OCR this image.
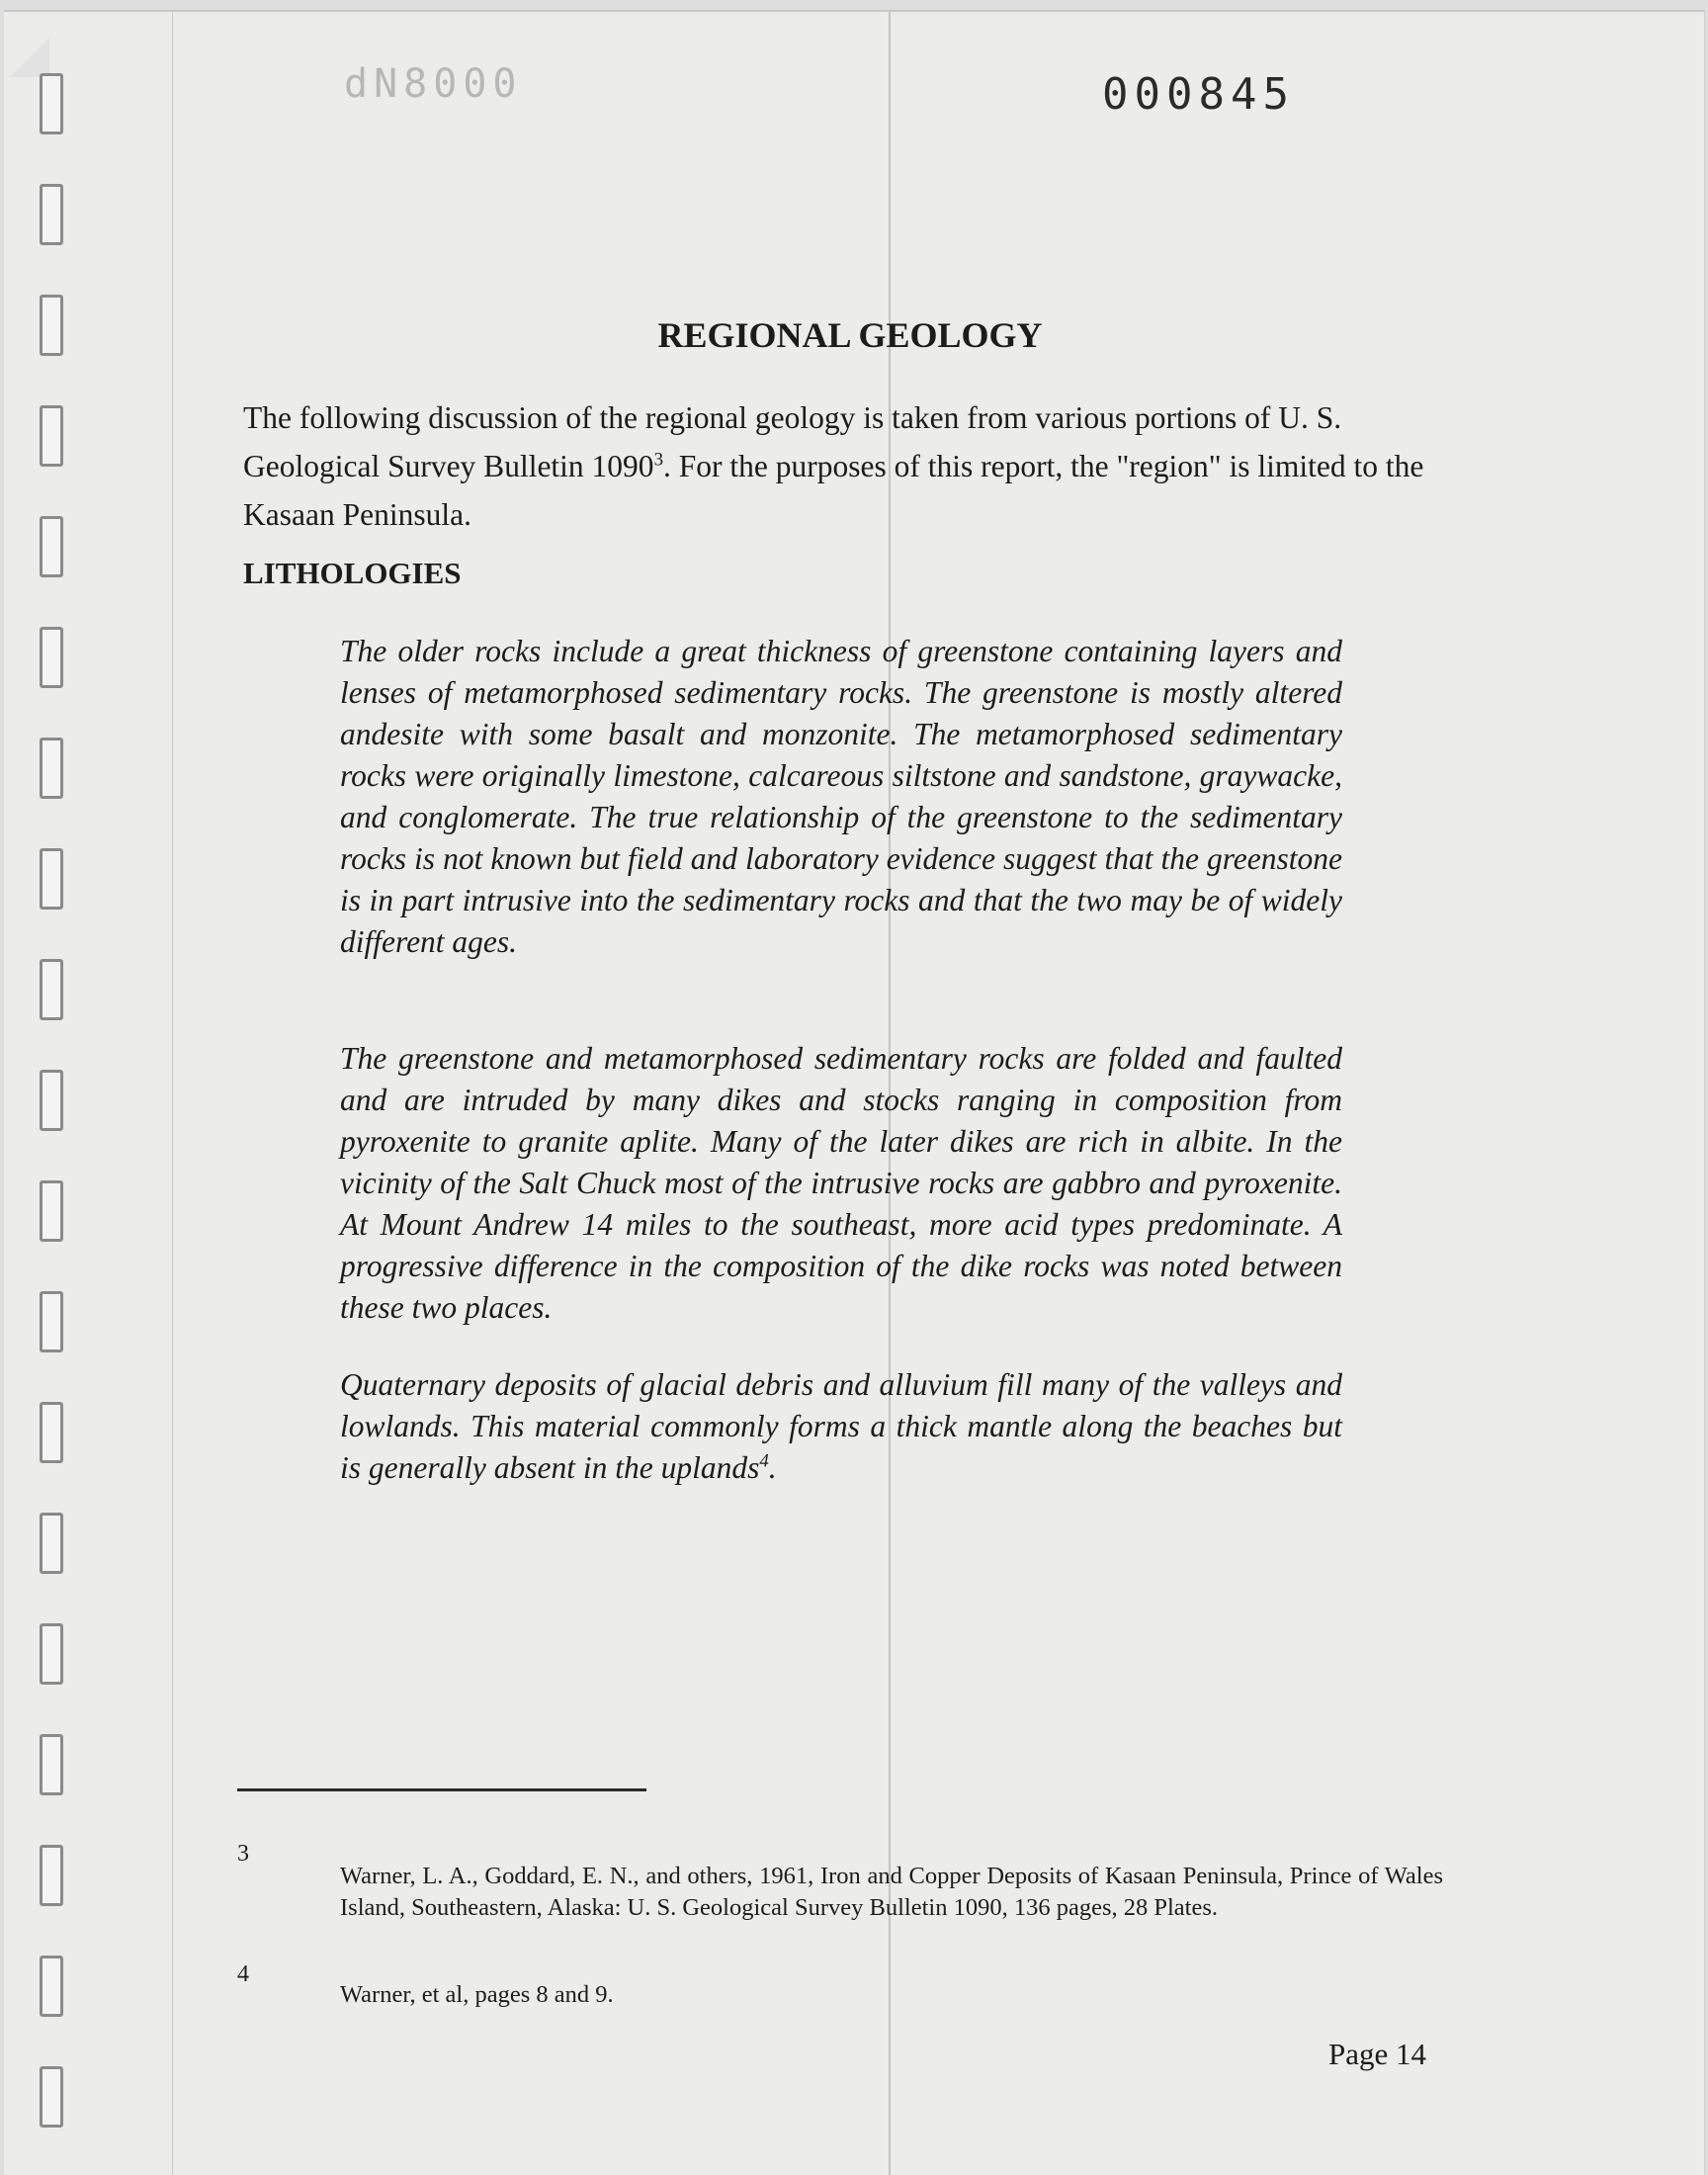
dN8000	000845
REGIONAL GEOLOGY

The following discussion of the regional geology is taken from various portions of U. S. Geological Survey Bulletin 1090$^3$. For the purposes of this report, the "region" is limited to the Kasaan Peninsula.

LITHOLOGIES

The older rocks include a great thickness of greenstone containing layers and lenses of metamorphosed sedimentary rocks. The greenstone is mostly altered andesite with some basalt and monzonite. The metamorphosed sedimentary rocks were originally limestone, calcareous siltstone and sandstone, graywacke, and conglomerate. The true relationship of the greenstone to the sedimentary rocks is not known but field and laboratory evidence suggest that the greenstone is in part intrusive into the sedimentary rocks and that the two may be of widely different ages.

The greenstone and metamorphosed sedimentary rocks are folded and faulted and are intruded by many dikes and stocks ranging in composition from pyroxenite to granite aplite. Many of the later dikes are rich in albite. In the vicinity of the Salt Chuck most of the intrusive rocks are gabbro and pyroxenite. At Mount Andrew 14 miles to the southeast, more acid types predominate. A progressive difference in the composition of the dike rocks was noted between these two places.

Quaternary deposits of glacial debris and alluvium fill many of the valleys and lowlands. This material commonly forms a thick mantle along the beaches but is generally absent in the uplands$^4$.

3

Warner, L. A., Goddard, E. N., and others, 1961, Iron and Copper Deposits of Kasaan Peninsula, Prince of Wales Island, Southeastern, Alaska: U. S. Geological Survey Bulletin 1090, 136 pages, 28 Plates.

4

Warner, et al, pages 8 and 9.

Page 14
